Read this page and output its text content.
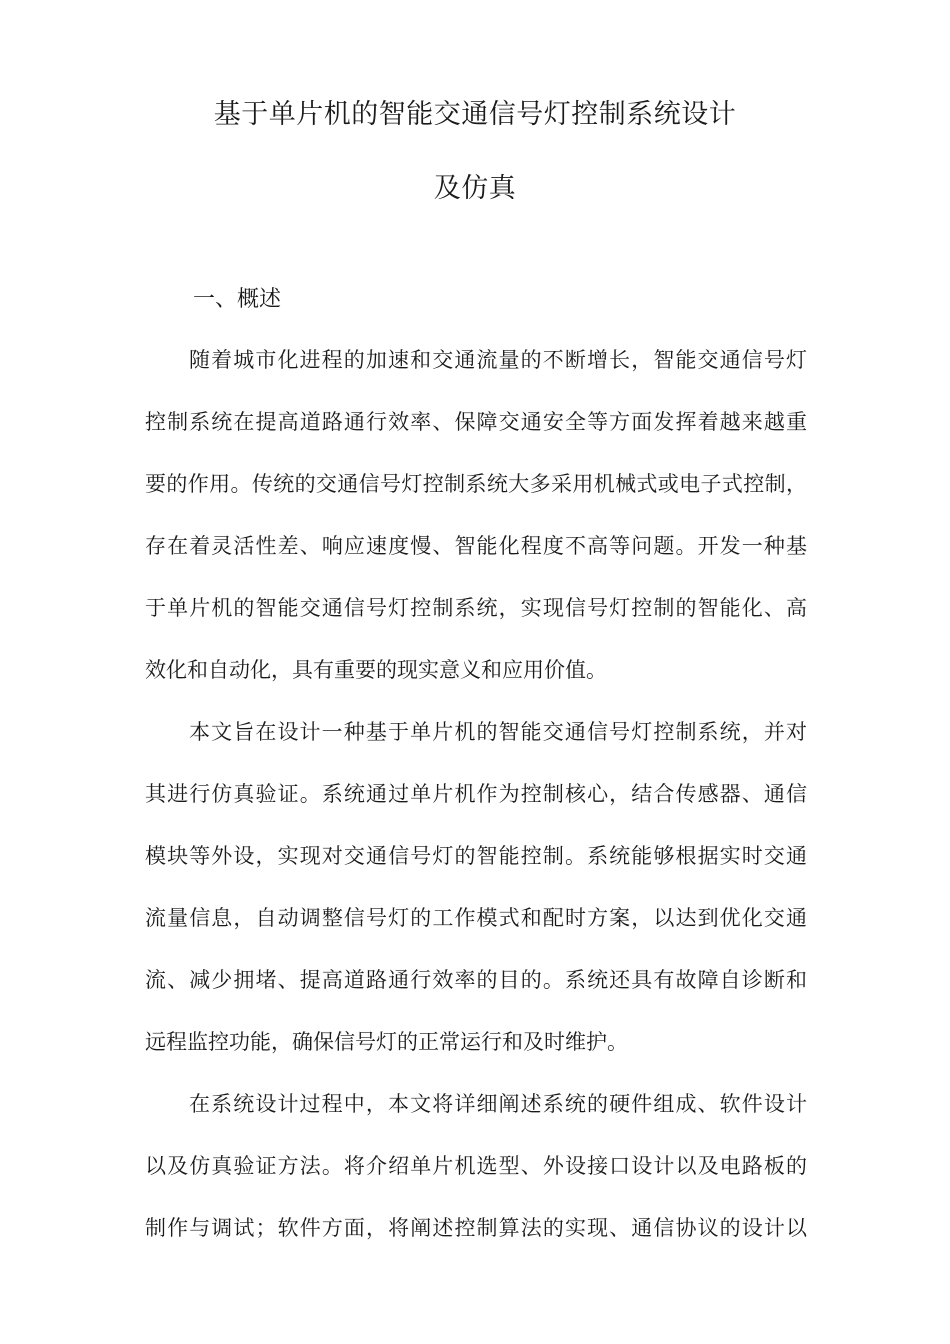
基于单片机的智能交通信号灯控制系统设计
及仿真
一、概述
随着城市化进程的加速和交通流量的不断增长，智能交通信号灯
控制系统在提高道路通行效率、保障交通安全等方面发挥着越来越重
要的作用。传统的交通信号灯控制系统大多采用机械式或电子式控制，
存在着灵活性差、响应速度慢、智能化程度不高等问题。开发一种基
于单片机的智能交通信号灯控制系统，实现信号灯控制的智能化、高
效化和自动化，具有重要的现实意义和应用价值。
本文旨在设计一种基于单片机的智能交通信号灯控制系统，并对
其进行仿真验证。系统通过单片机作为控制核心，结合传感器、通信
模块等外设，实现对交通信号灯的智能控制。系统能够根据实时交通
流量信息，自动调整信号灯的工作模式和配时方案，以达到优化交通
流、减少拥堵、提高道路通行效率的目的。系统还具有故障自诊断和
远程监控功能，确保信号灯的正常运行和及时维护。
在系统设计过程中，本文将详细阐述系统的硬件组成、软件设计
以及仿真验证方法。将介绍单片机选型、外设接口设计以及电路板的
制作与调试；软件方面，将阐述控制算法的实现、通信协议的设计以
